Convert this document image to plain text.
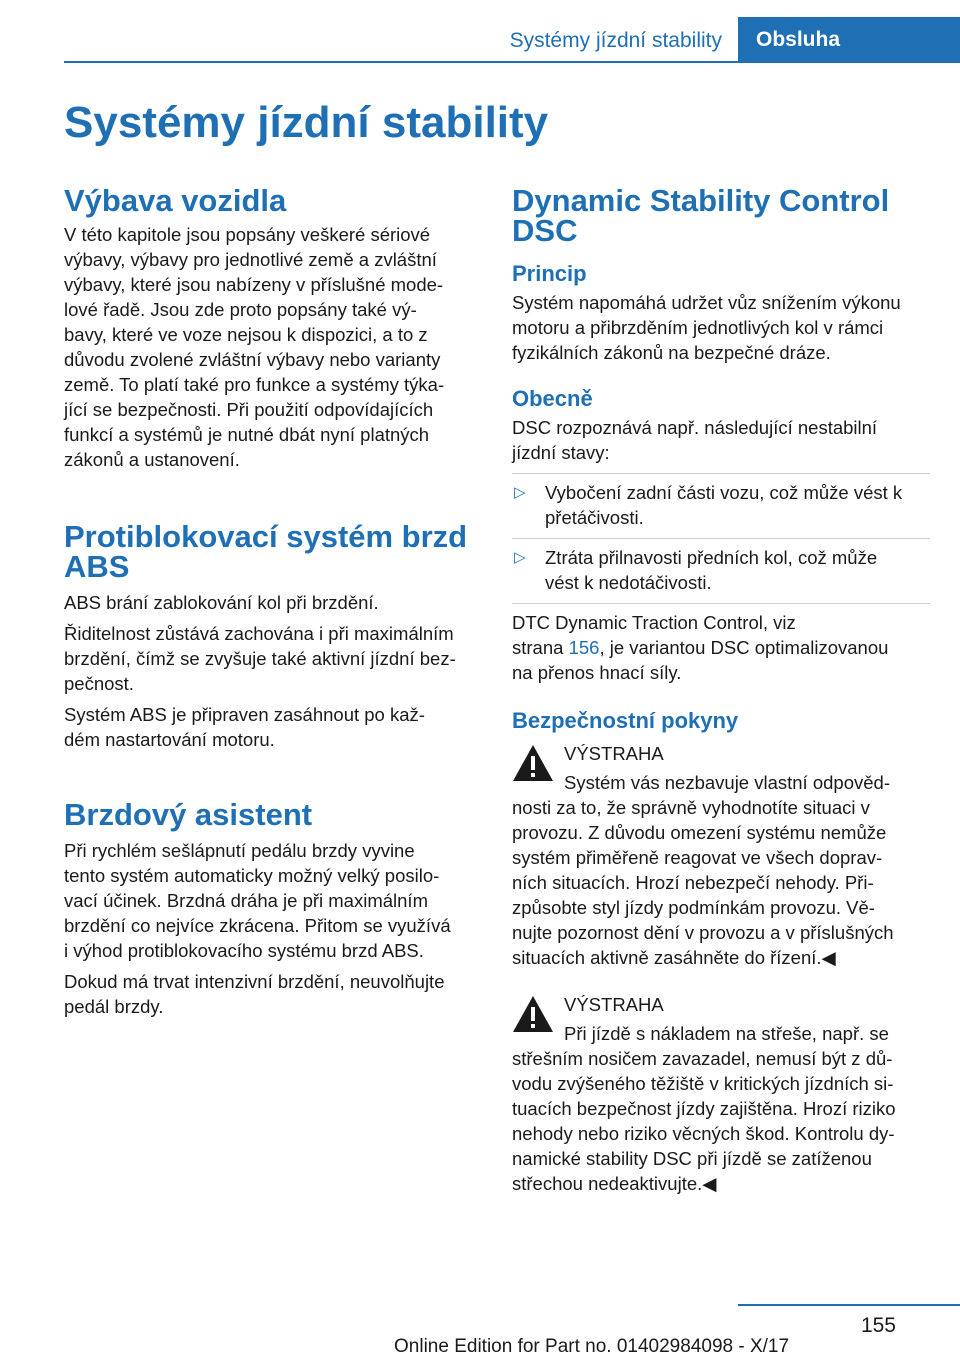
Systémy jízdní stability	Obsluha
Systémy jízdní stability
Výbava vozidla

V této kapitole jsou popsány veškeré sériové
výbavy, výbavy pro jednotlivé země a zvláštní
výbavy, které jsou nabízeny v příslušné mode‐
lové řadě. Jsou zde proto popsány také vý‐
bavy, které ve voze nejsou k dispozici, a to z
důvodu zvolené zvláštní výbavy nebo varianty
země. To platí také pro funkce a systémy týka‐
jící se bezpečnosti. Při použití odpovídajících
funkcí a systémů je nutné dbát nyní platných
zákonů a ustanovení.

Protiblokovací systém brzd
ABS

ABS brání zablokování kol při brzdění.

Řiditelnost zůstává zachována i při maximálním
brzdění, čímž se zvyšuje také aktivní jízdní bez‐
pečnost.

Systém ABS je připraven zasáhnout po kaž‐
dém nastartování motoru.

Brzdový asistent

Při rychlém sešlápnutí pedálu brzdy vyvine
tento systém automaticky možný velký posilo‐
vací účinek. Brzdná dráha je při maximálním
brzdění co nejvíce zkrácena. Přitom se využívá
i výhod protiblokovacího systému brzd ABS.

Dokud má trvat intenzivní brzdění, neuvolňujte
pedál brzdy.

Dynamic Stability Control
DSC
Princip

Systém napomáhá udržet vůz snížením výkonu
motoru a přibrzděním jednotlivých kol v rámci
fyzikálních zákonů na bezpečné dráze.

Obecně

DSC rozpoznává např. následující nestabilní
jízdní stavy:

▷ Vybočení zadní části vozu, což může vést k
přetáčivosti.
▷ Ztráta přilnavosti předních kol, což může
vést k nedotáčivosti.

DTC Dynamic Traction Control, viz
strana 156, je variantou DSC optimalizovanou
na přenos hnací síly.

Bezpečnostní pokyny
VÝSTRAHA
Systém vás nezbavuje vlastní odpověd‐

nosti za to, že správně vyhodnotíte situaci v
provozu. Z důvodu omezení systému nemůže
systém přiměřeně reagovat ve všech doprav‐
ních situacích. Hrozí nebezpečí nehody. Při‐
způsobte styl jízdy podmínkám provozu. Vě‐
nujte pozornost dění v provozu a v příslušných
situacích aktivně zasáhněte do řízení.◀

VÝSTRAHA
Při jízdě s nákladem na střeše, např. se

střešním nosičem zavazadel, nemusí být z dů‐
vodu zvýšeného těžiště v kritických jízdních si‐
tuacích bezpečnost jízdy zajištěna. Hrozí riziko
nehody nebo riziko věcných škod. Kontrolu dy‐
namické stability DSC při jízdě se zatíženou
střechou nedeaktivujte.◀

155
Online Edition for Part no. 01402984098 - X/17
